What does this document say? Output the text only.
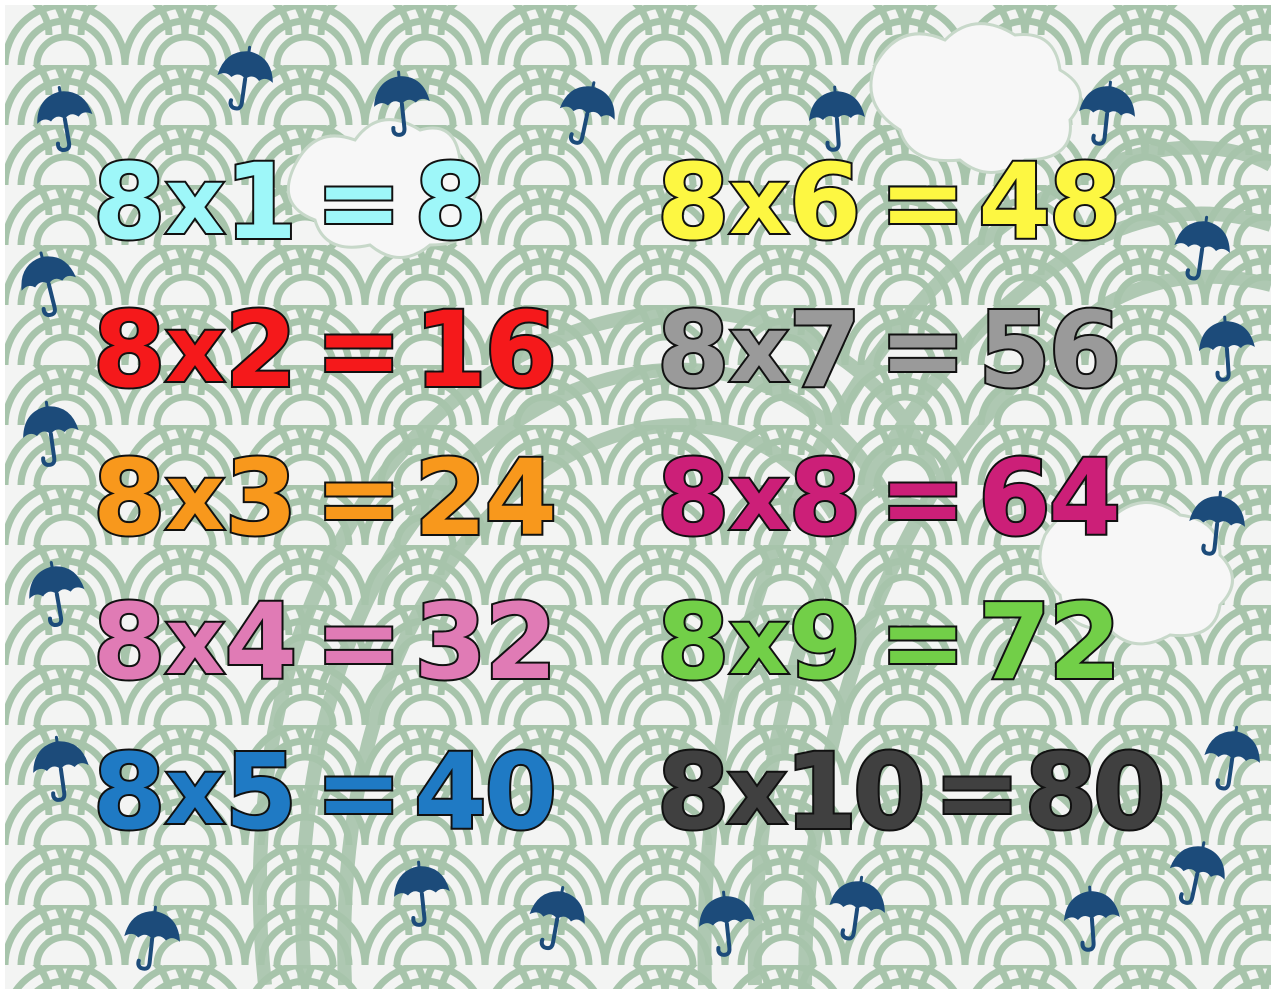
8 x 1 = 8
8 x 2 = 16
8 x 3 = 24
8 x 4 = 32
8 x 5 = 40
8 x 6 = 48
8 x 7 = 56
8 x 8 = 64
8 x 9 = 72
8 x 10 = 80
